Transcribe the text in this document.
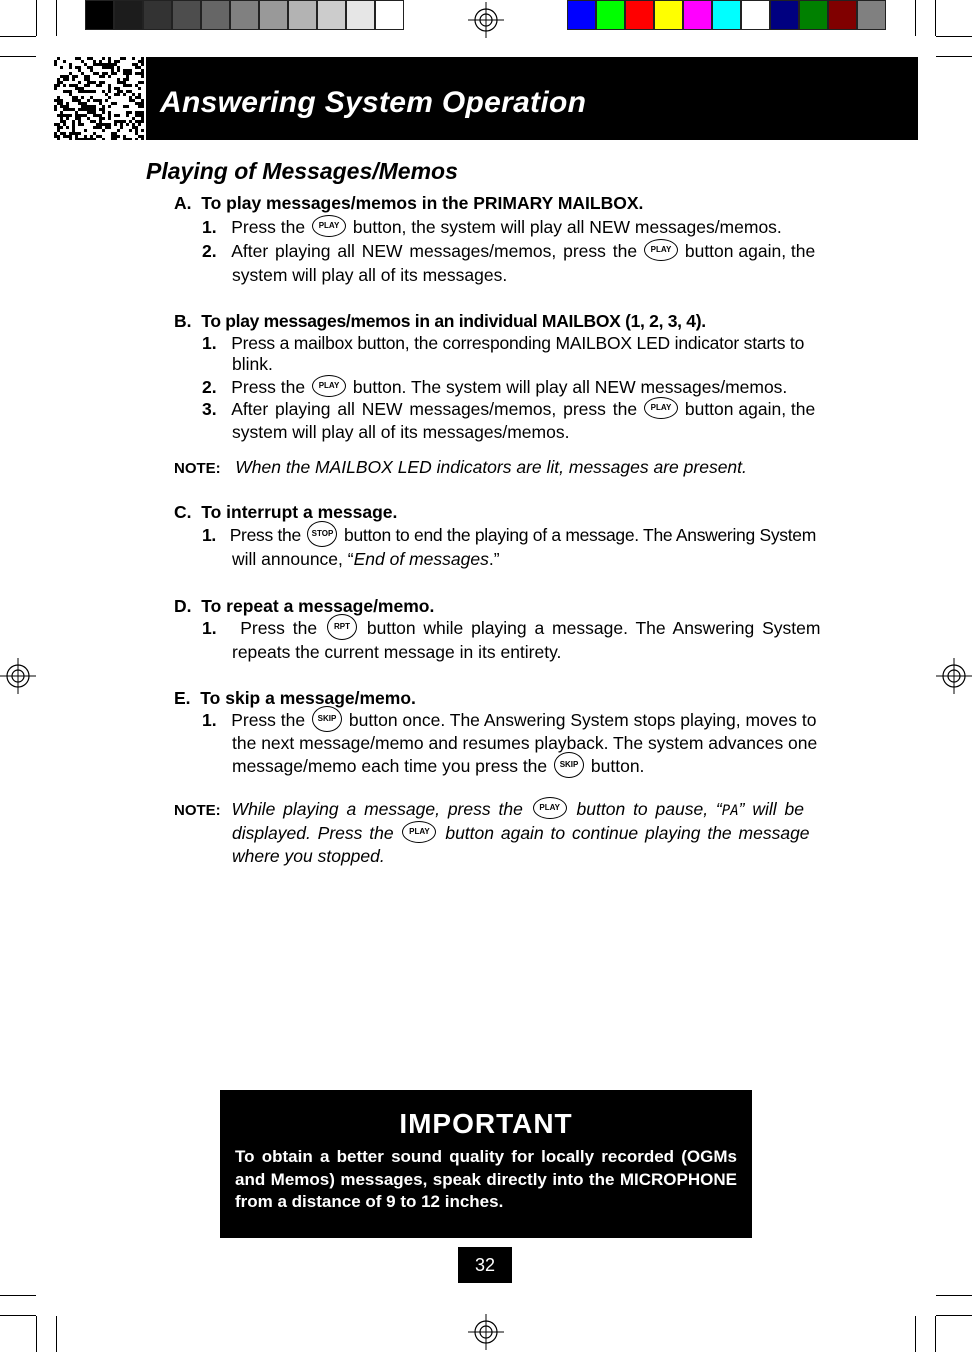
Answering System Operation
Playing of Messages/Memos
A. To play messages/memos in the PRIMARY MAILBOX.
1. Press the PLAY button, the system will play all NEW messages/memos.
2. After playing all NEW messages/memos, press the PLAY button again, the
system will play all of its messages.
B. To play messages/memos in an individual MAILBOX (1, 2, 3, 4).
1. Press a mailbox button, the corresponding MAILBOX LED indicator starts to
blink.
2. Press the PLAY button. The system will play all NEW messages/memos.
3. After playing all NEW messages/memos, press the PLAY button again, the
system will play all of its messages/memos.
NOTE: When the MAILBOX LED indicators are lit, messages are present.
C. To interrupt a message.
1. Press the STOP button to end the playing of a message. The Answering System
will announce, “End of messages.”
D. To repeat a message/memo.
1. Press the RPT button while playing a message. The Answering System
repeats the current message in its entirety.
E. To skip a message/memo.
1. Press the SKIP button once. The Answering System stops playing, moves to
the next message/memo and resumes playback. The system advances one
message/memo each time you press the SKIP button.
NOTE: While playing a message, press the PLAY button to pause, “PA” will be
displayed. Press the PLAY button again to continue playing the message
where you stopped.
IMPORTANT
To obtain a better sound quality for locally recorded (OGMs and Memos) messages, speak directly into the MICROPHONE from a distance of 9 to 12 inches.
32
